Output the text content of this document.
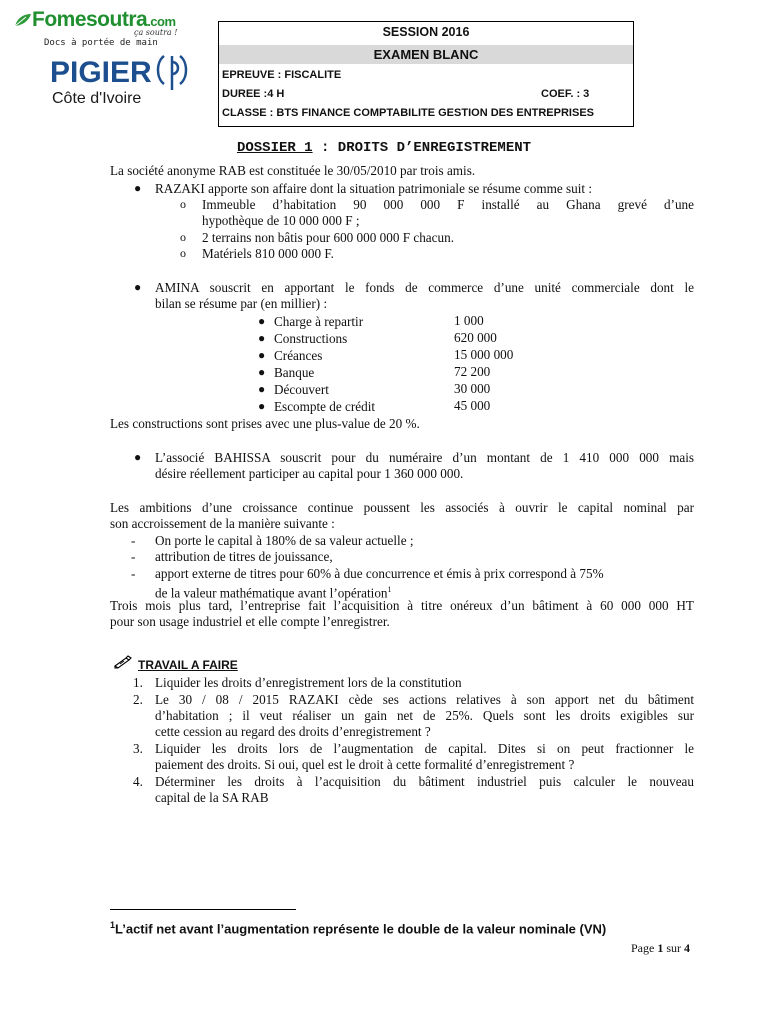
Fomesoutra.com
ça soutra !
Docs à portée de main
PIGIER
Côte d'Ivoire
SESSION 2016
EXAMEN BLANC
EPREUVE : FISCALITE
DUREE :4 H	COEF. : 3
CLASSE : BTS FINANCE COMPTABILITE GESTION DES ENTREPRISES
DOSSIER 1 : DROITS D’ENREGISTREMENT
La société anonyme RAB est constituée le 30/05/2010 par trois amis.
● RAZAKI apporte son affaire dont la situation patrimoniale se résume comme suit :
o Immeuble d’habitation 90 000 000 F installé au Ghana grevé d’une
hypothèque de 10 000 000 F ;
o 2 terrains non bâtis pour 600 000 000 F chacun.
o Matériels 810 000 000 F.
● AMINA souscrit en apportant le fonds de commerce d’une unité commerciale dont le
bilan se résume par (en millier) :
● Charge à repartir	1 000
● Constructions	620 000
● Créances	15 000 000
● Banque	72 200
● Découvert	30 000
● Escompte de crédit	45 000
Les constructions sont prises avec une plus-value de 20 %.
● L’associé BAHISSA souscrit pour du numéraire d’un montant de 1 410 000 000 mais
désire réellement participer au capital pour 1 360 000 000.
Les ambitions d’une croissance continue poussent les associés à ouvrir le capital nominal par
son accroissement de la manière suivante :
- On porte le capital à 180% de sa valeur actuelle ;
- attribution de titres de jouissance,
- apport externe de titres pour 60% à due concurrence et émis à prix correspond à 75%
de la valeur mathématique avant l’opération$^1$
Trois mois plus tard, l’entreprise fait l’acquisition à titre onéreux d’un bâtiment à 60 000 000 HT
pour son usage industriel et elle compte l’enregistrer.
TRAVAIL A FAIRE
1. Liquider les droits d’enregistrement lors de la constitution
2. Le 30 / 08 / 2015 RAZAKI cède ses actions relatives à son apport net du bâtiment
d’habitation ; il veut réaliser un gain net de 25%. Quels sont les droits exigibles sur
cette cession au regard des droits d’enregistrement ?
3. Liquider les droits lors de l’augmentation de capital. Dites si on peut fractionner le
paiement des droits. Si oui, quel est le droit à cette formalité d’enregistrement ?
4. Déterminer les droits à l’acquisition du bâtiment industriel puis calculer le nouveau
capital de la SA RAB
$^1$L’actif net avant l’augmentation représente le double de la valeur nominale (VN)
Page 1 sur 4
